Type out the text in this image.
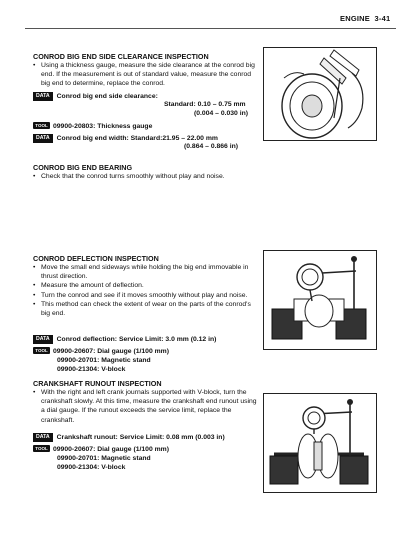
ENGINE 3-41
CONROD BIG END SIDE CLEARANCE INSPECTION
• Using a thickness gauge, measure the side clearance at the conrod big end. If the measurement is out of standard value, measure the conrod big end to determine, replace the conrod.
DATA Conrod big end side clearance:
Standard: 0.10 – 0.75 mm
(0.004 – 0.030 in)
TOOL 09900-20803: Thickness gauge
DATA Conrod big end width: Standard:21.95 – 22.00 mm
(0.864 – 0.866 in)
CONROD BIG END BEARING
• Check that the conrod turns smoothly without play and noise.
CONROD DEFLECTION INSPECTION
• Move the small end sideways while holding the big end immovable in thrust direction.
• Measure the amount of deflection.
• Turn the conrod and see if it moves smoothly without play and noise.
• This method can check the extent of wear on the parts of the conrod's big end.
DATA Conrod deflection: Service Limit: 3.0 mm (0.12 in)
TOOL 09900-20607: Dial gauge (1/100 mm)
09900-20701: Magnetic stand
09900-21304: V-block
CRANKSHAFT RUNOUT INSPECTION
• With the right and left crank journals supported with V-block, turn the crankshaft slowly. At this time, measure the crankshaft end runout using a dial gauge. If the runout exceeds the service limit, replace the crankshaft.
DATA Crankshaft runout: Service Limit: 0.08 mm (0.003 in)
TOOL 09900-20607: Dial gauge (1/100 mm)
09900-20701: Magnetic stand
09900-21304: V-block
